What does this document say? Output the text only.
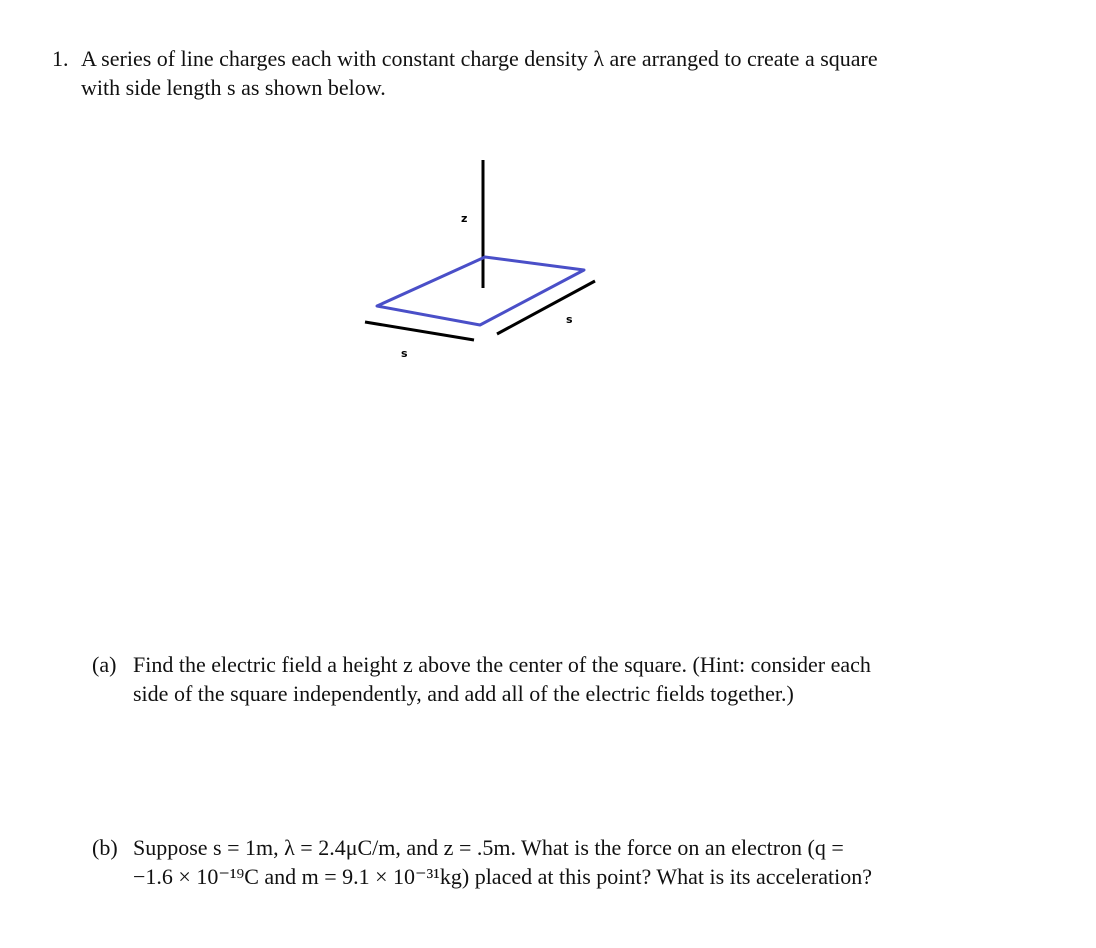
1. A series of line charges each with constant charge density λ are arranged to create a square
with side length s as shown below.
z
s
s
(a) Find the electric field a height z above the center of the square. (Hint: consider each
side of the square independently, and add all of the electric fields together.)
(b) Suppose s = 1m, λ = 2.4μC/m, and z = .5m. What is the force on an electron (q =
−1.6 × 10⁻¹⁹C and m = 9.1 × 10⁻³¹kg) placed at this point? What is its acceleration?
